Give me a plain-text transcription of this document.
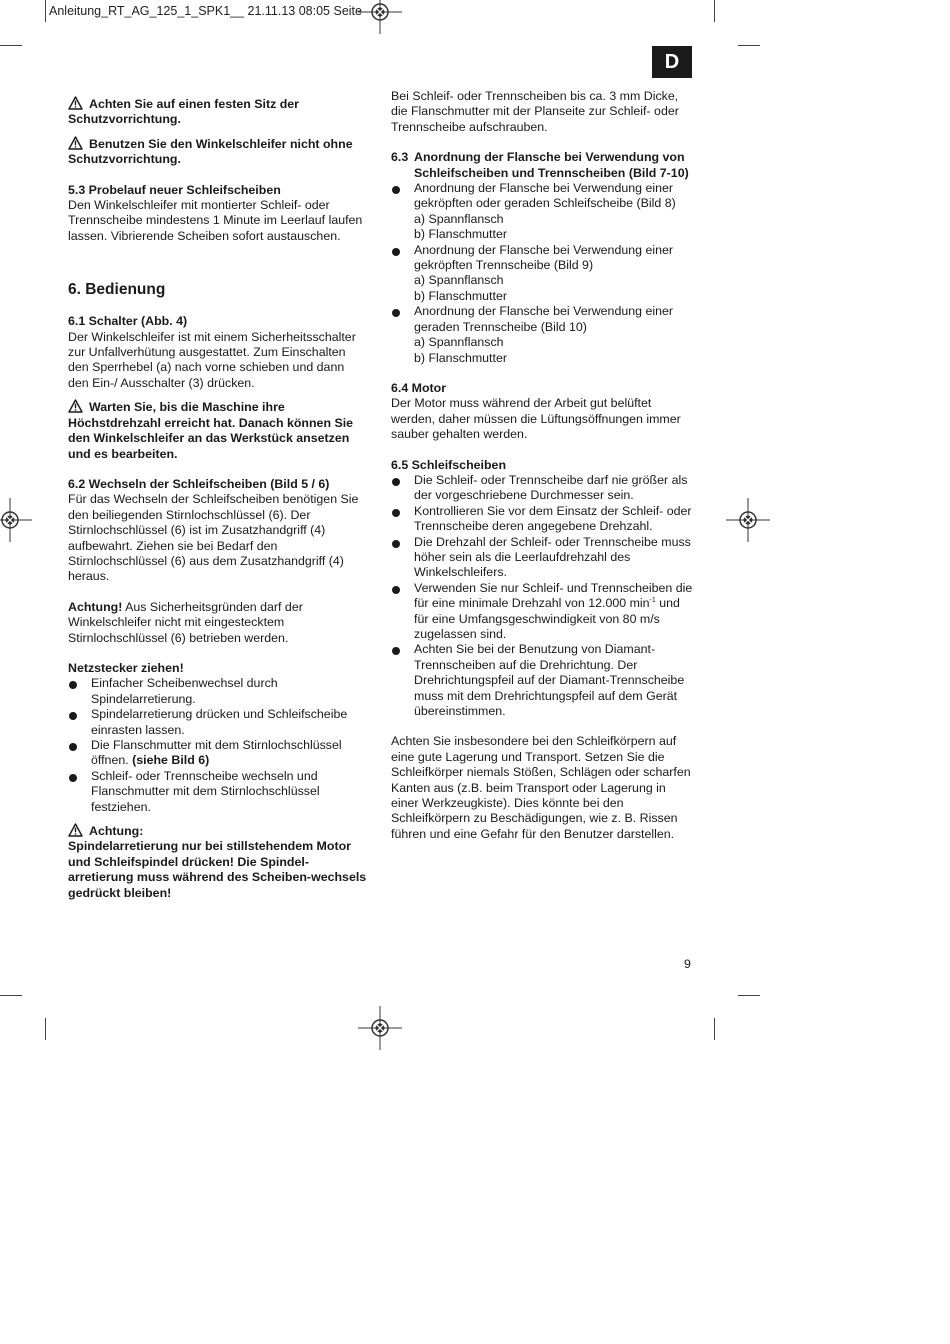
Anleitung_RT_AG_125_1_SPK1__ 21.11.13 08:05 Seite
D

Achten Sie auf einen festen Sitz der Schutzvorrichtung.

Benutzen Sie den Winkelschleifer nicht ohne Schutzvorrichtung.

5.3 Probelauf neuer Schleifscheiben

Den Winkelschleifer mit montierter Schleif- oder Trennscheibe mindestens 1 Minute im Leerlauf laufen lassen. Vibrierende Scheiben sofort austauschen.

6. Bedienung

6.1 Schalter (Abb. 4)

Der Winkelschleifer ist mit einem Sicherheitsschalter zur Unfallverhütung ausgestattet. Zum Einschalten den Sperrhebel (a) nach vorne schieben und dann den Ein-/ Ausschalter (3) drücken.

Warten Sie, bis die Maschine ihre Höchstdrehzahl erreicht hat. Danach können Sie den Winkelschleifer an das Werkstück ansetzen und es bearbeiten.

6.2 Wechseln der Schleifscheiben (Bild 5 / 6)

Für das Wechseln der Schleifscheiben benötigen Sie den beiliegenden Stirnlochschlüssel (6). Der Stirnlochschlüssel (6) ist im Zusatzhandgriff (4) aufbewahrt. Ziehen sie bei Bedarf den Stirnlochschlüssel (6) aus dem Zusatzhandgriff (4) heraus.

Achtung! Aus Sicherheitsgründen darf der Winkelschleifer nicht mit eingestecktem Stirnlochschlüssel (6) betrieben werden.

Netzstecker ziehen!

Einfacher Scheibenwechsel durch Spindelarretierung.
Spindelarretierung drücken und Schleifscheibe einrasten lassen.
Die Flanschmutter mit dem Stirnlochschlüssel öffnen. (siehe Bild 6)
Schleif- oder Trennscheibe wechseln und Flanschmutter mit dem Stirnlochschlüssel festziehen.

Achtung:

Spindelarretierung nur bei stillstehendem Motor und Schleifspindel drücken! Die Spindel-arretierung muss während des Scheiben-wechsels gedrückt bleiben!

Bei Schleif- oder Trennscheiben bis ca. 3 mm Dicke, die Flanschmutter mit der Planseite zur Schleif- oder Trennscheibe aufschrauben.

6.3 Anordnung der Flansche bei Verwendung von Schleifscheiben und Trennscheiben (Bild 7-10)
Anordnung der Flansche bei Verwendung einer gekröpften oder geraden Schleifscheibe (Bild 8)
a) Spannflansch
b) Flanschmutter
Anordnung der Flansche bei Verwendung einer gekröpften Trennscheibe (Bild 9)
a) Spannflansch
b) Flanschmutter
Anordnung der Flansche bei Verwendung einer geraden Trennscheibe (Bild 10)
a) Spannflansch
b) Flanschmutter

6.4 Motor

Der Motor muss während der Arbeit gut belüftet werden, daher müssen die Lüftungsöffnungen immer sauber gehalten werden.

6.5 Schleifscheiben

Die Schleif- oder Trennscheibe darf nie größer als der vorgeschriebene Durchmesser sein.
Kontrollieren Sie vor dem Einsatz der Schleif- oder Trennscheibe deren angegebene Drehzahl.
Die Drehzahl der Schleif- oder Trennscheibe muss höher sein als die Leerlaufdrehzahl des Winkelschleifers.
Verwenden Sie nur Schleif- und Trennscheiben die für eine minimale Drehzahl von 12.000 $\min^{-1}$ und für eine Umfangsgeschwindigkeit von 80 m/s zugelassen sind.
Achten Sie bei der Benutzung von Diamant-Trennscheiben auf die Drehrichtung. Der Drehrichtungspfeil auf der Diamant-Trennscheibe muss mit dem Drehrichtungspfeil auf dem Gerät übereinstimmen.

Achten Sie insbesondere bei den Schleifkörpern auf eine gute Lagerung und Transport. Setzen Sie die Schleifkörper niemals Stößen, Schlägen oder scharfen Kanten aus (z.B. beim Transport oder Lagerung in einer Werkzeugkiste). Dies könnte bei den Schleifkörpern zu Beschädigungen, wie z. B. Rissen führen und eine Gefahr für den Benutzer darstellen.

9
